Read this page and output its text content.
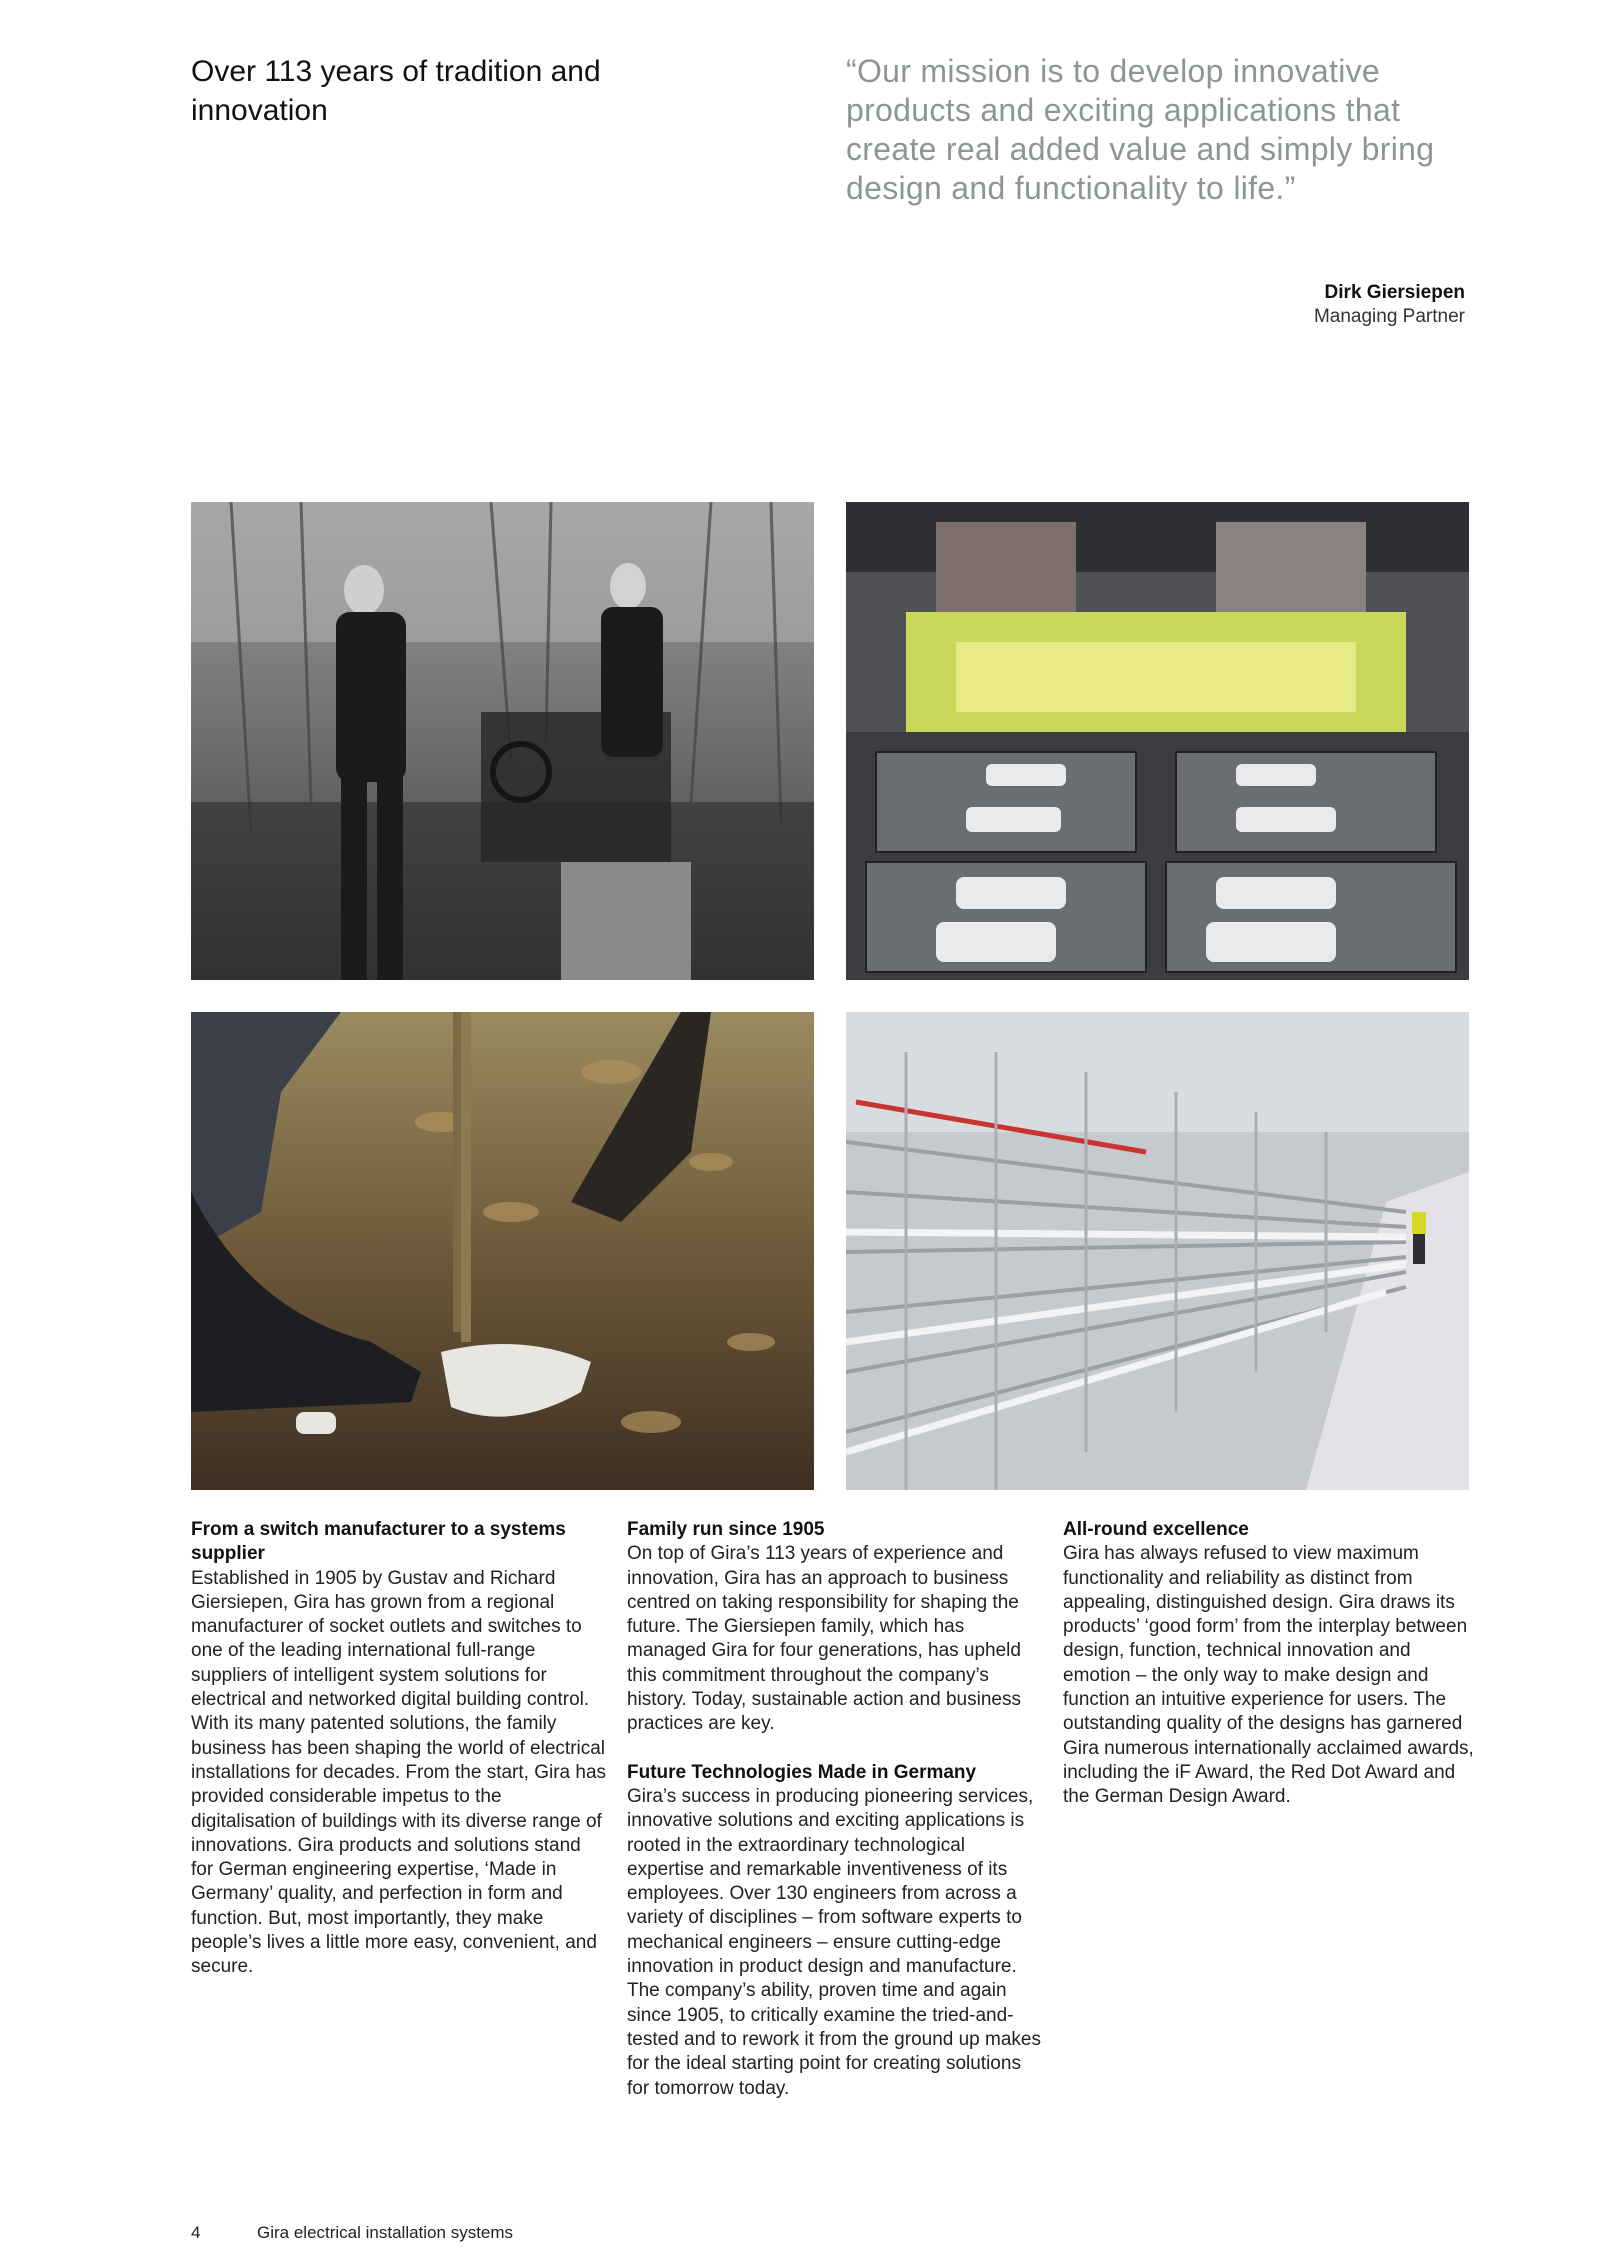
Over 113 years of tradition and innovation
“Our mission is to develop innovative products and exciting applications that create real added value and simply bring design and functionality to life.”
Dirk Giersiepen
Managing Partner
From a switch manufacturer to a systems supplier

Established in 1905 by Gustav and Richard Giersiepen, Gira has grown from a regional manufacturer of socket outlets and switches to one of the leading international full-range suppliers of intelligent system solutions for electrical and networked digital building control. With its many patented solutions, the family business has been shaping the world of electrical installations for decades. From the start, Gira has provided considerable impetus to the digitalisation of buildings with its diverse range of innovations. Gira products and solutions stand for German engineering expertise, ‘Made in Germany’ quality, and perfection in form and function. But, most importantly, they make people’s lives a little more easy, convenient, and secure.

Family run since 1905

On top of Gira’s 113 years of experience and innovation, Gira has an approach to business centred on taking responsibility for shaping the future. The Giersiepen family, which has managed Gira for four generations, has upheld this commitment throughout the company’s history. Today, sustainable action and business practices are key.

Future Technologies Made in Germany

Gira’s success in producing pioneering services, innovative solutions and exciting applications is rooted in the extraordinary technological expertise and remarkable inventiveness of its employees. Over 130 engineers from across a variety of disciplines – from software experts to mechanical engineers – ensure cutting-edge innovation in product design and manufacture. The company’s ability, proven time and again since 1905, to critically examine the tried-and-tested and to rework it from the ground up makes for the ideal starting point for creating solutions for tomorrow today.

All-round excellence

Gira has always refused to view maximum functionality and reliability as distinct from appealing, distinguished design. Gira draws its products’ ‘good form’ from the interplay between design, function, technical innovation and emotion – the only way to make design and function an intuitive experience for users. The outstanding quality of the designs has garnered Gira numerous internationally acclaimed awards, including the iF Award, the Red Dot Award and the German Design Award.

4	Gira electrical installation systems
